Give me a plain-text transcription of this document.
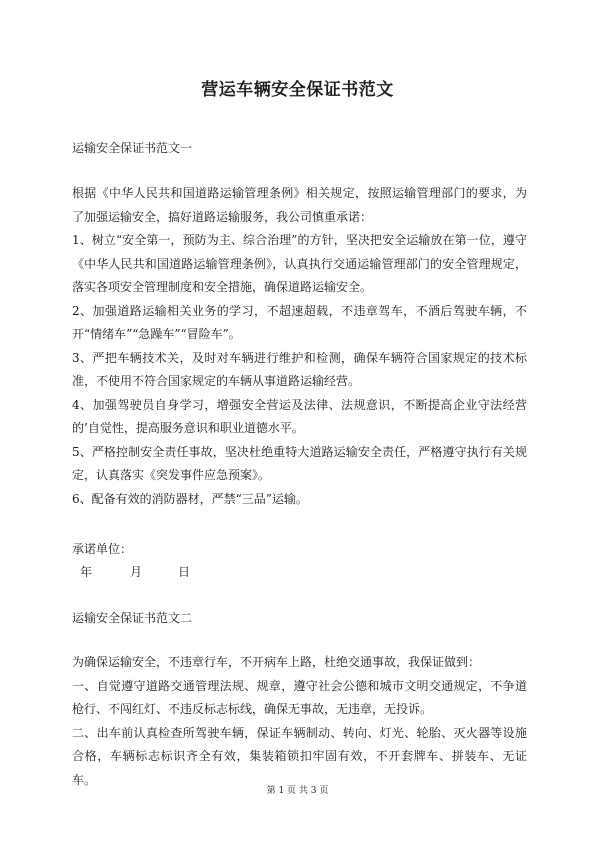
营运车辆安全保证书范文

运输安全保证书范文一

根据《中华人民共和国道路运输管理条例》相关规定，按照运输管理部门的要求，为了加强运输安全，搞好道路运输服务，我公司慎重承诺：

1、树立“安全第一，预防为主、综合治理”的方针，坚决把安全运输放在第一位，遵守《中华人民共和国道路运输管理条例》，认真执行交通运输管理部门的安全管理规定，落实各项安全管理制度和安全措施，确保道路运输安全。

2、加强道路运输相关业务的学习，不超速超载，不违章驾车，不酒后驾驶车辆，不开“情绪车”“急躁车”“冒险车”。

3、严把车辆技术关，及时对车辆进行维护和检测，确保车辆符合国家规定的技术标准，不使用不符合国家规定的车辆从事道路运输经营。

4、加强驾驶员自身学习，增强安全营运及法律、法规意识，不断提高企业守法经营的’自觉性，提高服务意识和职业道德水平。

5、严格控制安全责任事故，坚决杜绝重特大道路运输安全责任，严格遵守执行有关规定，认真落实《突发事件应急预案》。

6、配备有效的消防器材，严禁“三品”运输。

承诺单位：

年	月	日

运输安全保证书范文二

为确保运输安全，不违章行车，不开病车上路，杜绝交通事故，我保证做到：

一、自觉遵守道路交通管理法规、规章，遵守社会公德和城市文明交通规定，不争道枪行、不闯红灯、不违反标志标线，确保无事故，无违章，无投诉。

二、出车前认真检查所驾驶车辆，保证车辆制动、转向、灯光、轮胎、灭火器等设施合格，车辆标志标识齐全有效，集装箱锁扣牢固有效，不开套牌车、拼装车、无证车。

第 1 页 共 3 页
